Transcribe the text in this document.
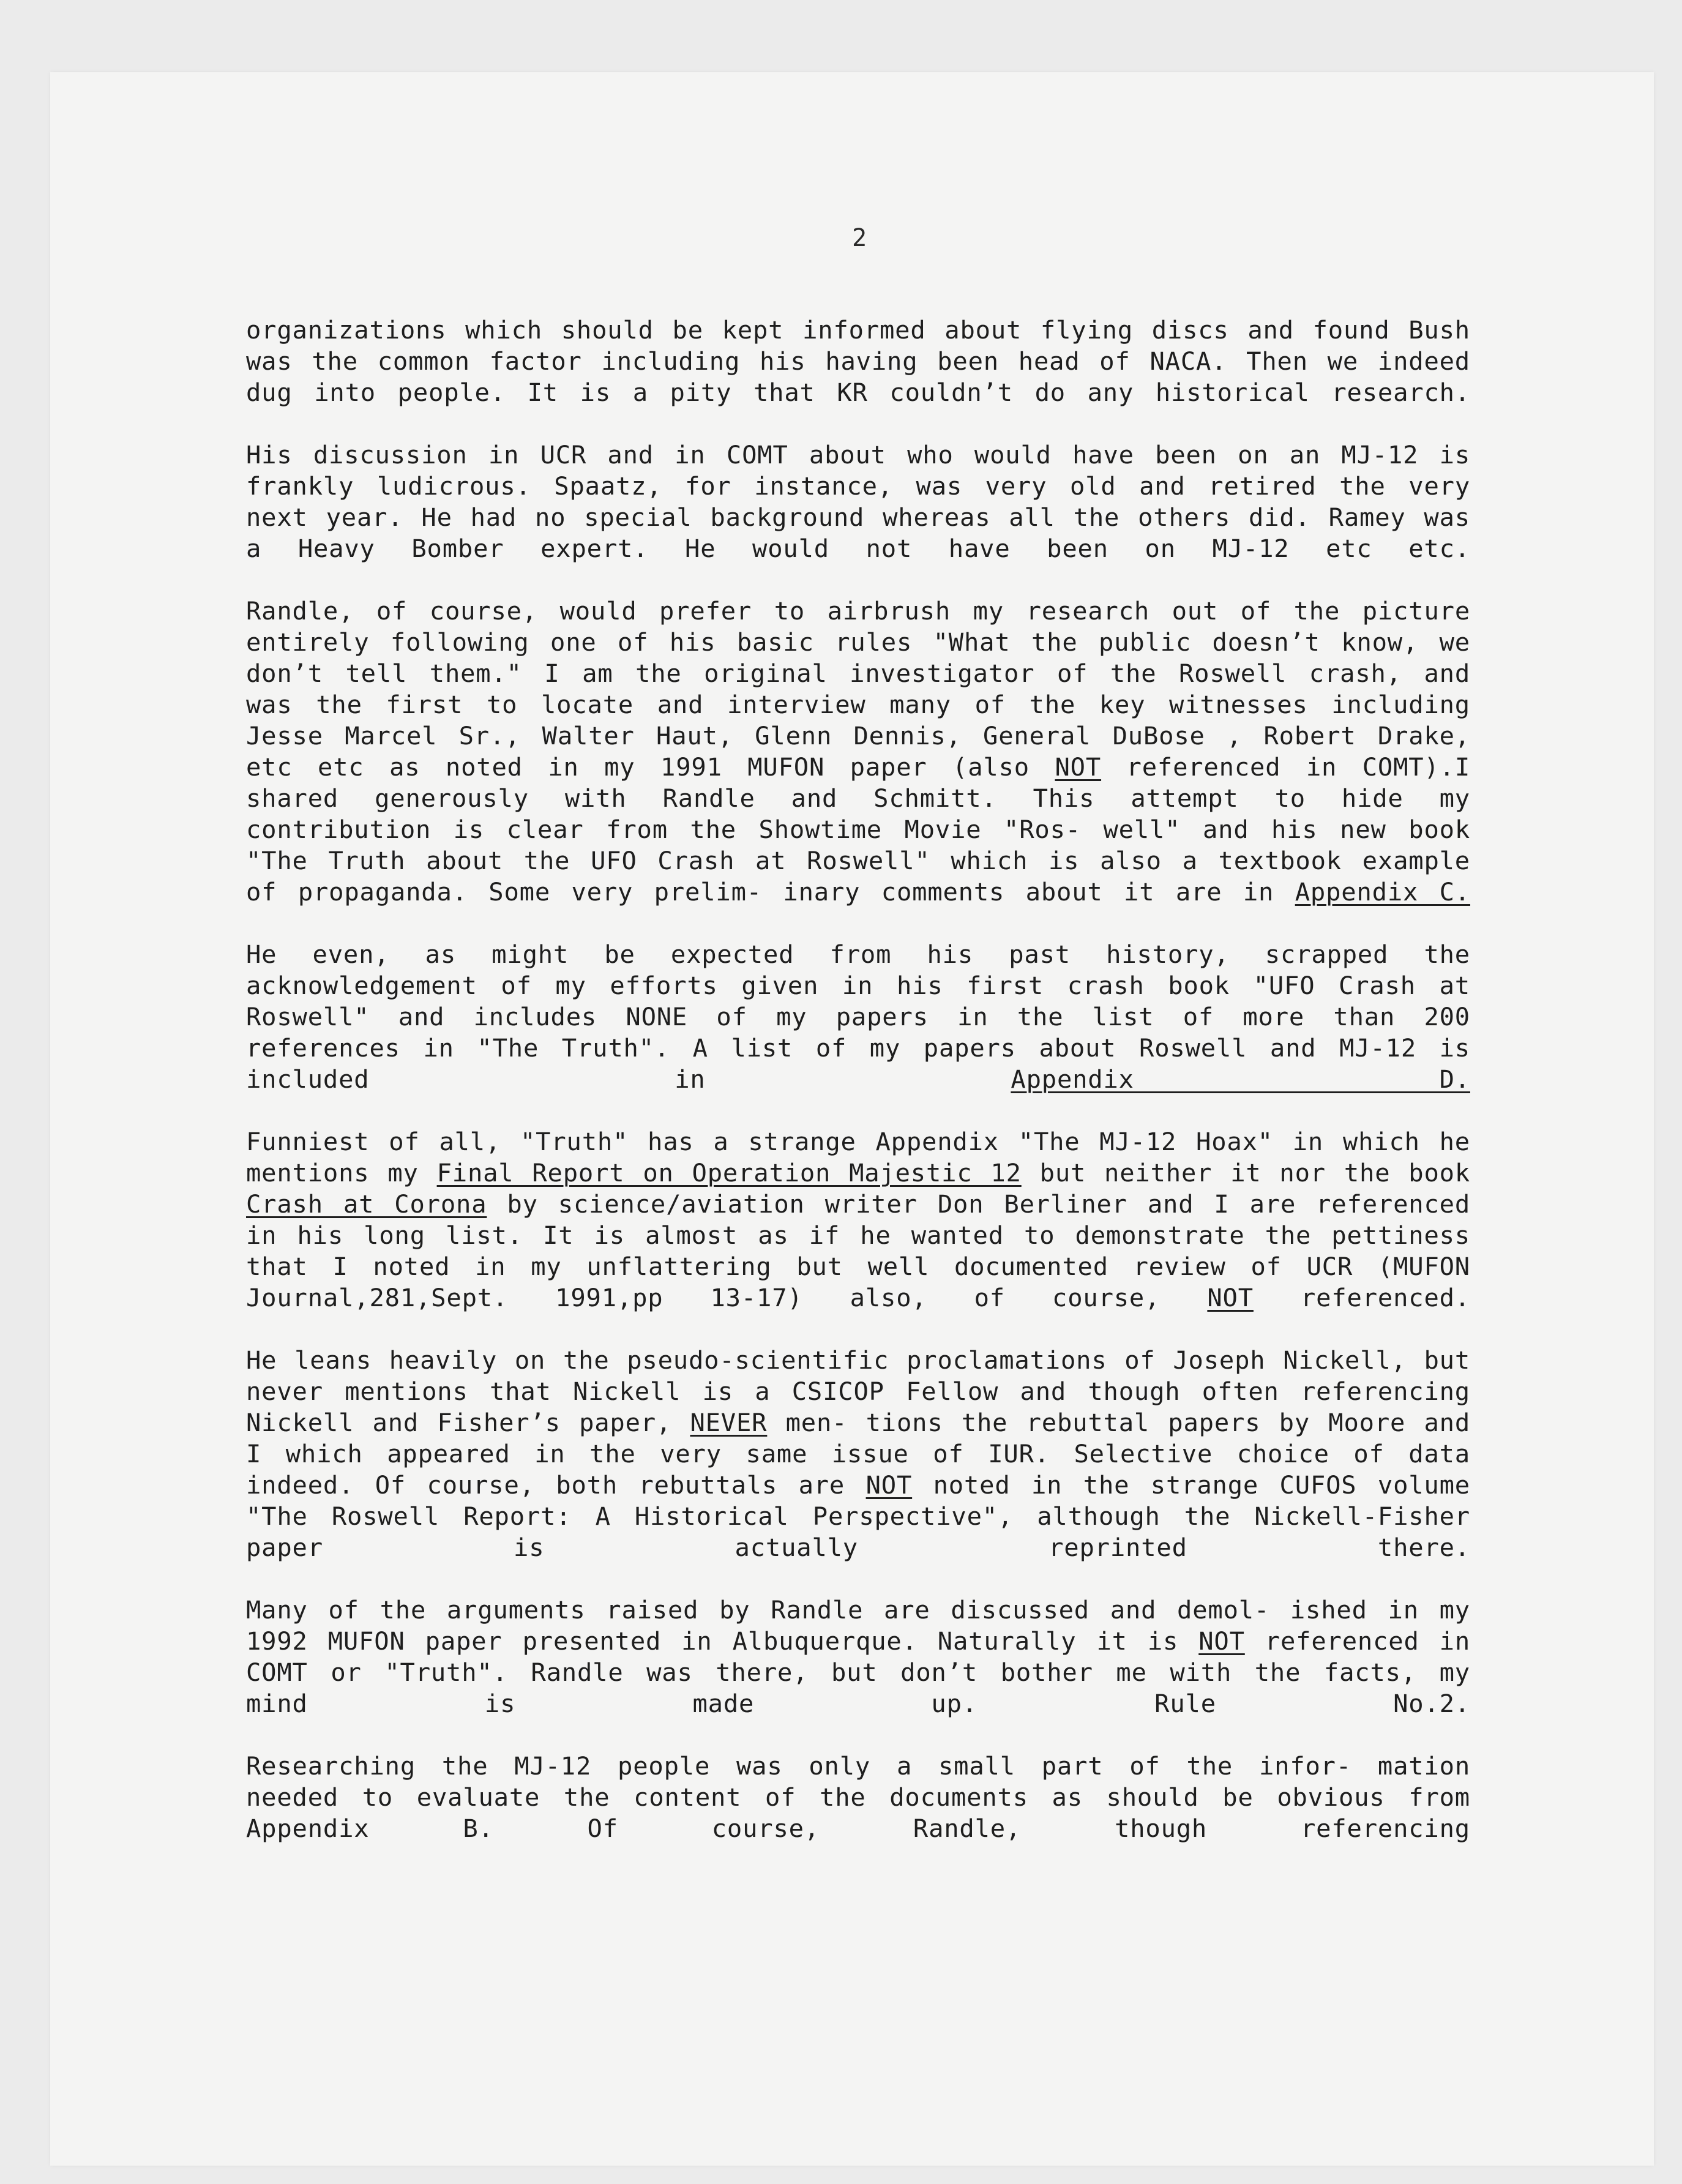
2

organizations which should be kept informed about flying discs and found Bush was the common factor including his having been head of NACA. Then we indeed dug into people. It is a pity that KR couldn’t do any historical research.

His discussion in UCR and in COMT about who would have been on an MJ-12 is frankly ludicrous. Spaatz, for instance, was very old and retired the very next year. He had no special background whereas all the others did. Ramey was a Heavy Bomber expert. He would not have been on MJ-12 etc etc.

Randle, of course, would prefer to airbrush my research out of the picture entirely following one of his basic rules "What the public doesn’t know, we don’t tell them." I am the original investigator of the Roswell crash, and was the first to locate and interview many of the key witnesses including Jesse Marcel Sr., Walter Haut, Glenn Dennis, General DuBose , Robert Drake, etc etc as noted in my 1991 MUFON paper (also NOT referenced in COMT).I shared generously with Randle and Schmitt. This attempt to hide my contribution is clear from the Showtime Movie "Ros- well" and his new book "The Truth about the UFO Crash at Roswell" which is also a textbook example of propaganda. Some very prelim- inary comments about it are in Appendix C.

He even, as might be expected from his past history, scrapped the acknowledgement of my efforts given in his first crash book "UFO Crash at Roswell" and includes NONE of my papers in the list of more than 200 references in "The Truth". A list of my papers about Roswell and MJ-12 is included in	Appendix D.

Funniest of all, "Truth" has a strange Appendix "The MJ-12 Hoax" in which he mentions my Final Report on Operation Majestic 12 but neither it nor the book Crash at Corona by science/aviation writer Don Berliner and I are referenced in his long list. It is almost as if he wanted to demonstrate the pettiness that I noted in my unflattering but well documented review of UCR (MUFON Journal,281,Sept. 1991,pp 13-17) also, of course, NOT referenced.

He leans heavily on the pseudo-scientific proclamations of Joseph Nickell, but never mentions that Nickell is a CSICOP Fellow and though often referencing Nickell and Fisher’s paper, NEVER men- tions the rebuttal papers by Moore and I which appeared in the very same issue of IUR. Selective choice of data indeed. Of course, both rebuttals are NOT noted in the strange CUFOS volume "The Roswell Report: A Historical Perspective", although the Nickell-Fisher paper is actually reprinted there.

Many of the arguments raised by Randle are discussed and demol- ished in my 1992 MUFON paper presented in Albuquerque. Naturally it is NOT referenced in COMT or "Truth". Randle was there, but don’t bother me with the facts, my mind is made up. Rule No.2.

Researching the MJ-12 people was only a small part of the infor- mation needed to evaluate the content of the documents as should be obvious from Appendix B. Of course, Randle, though referencing
